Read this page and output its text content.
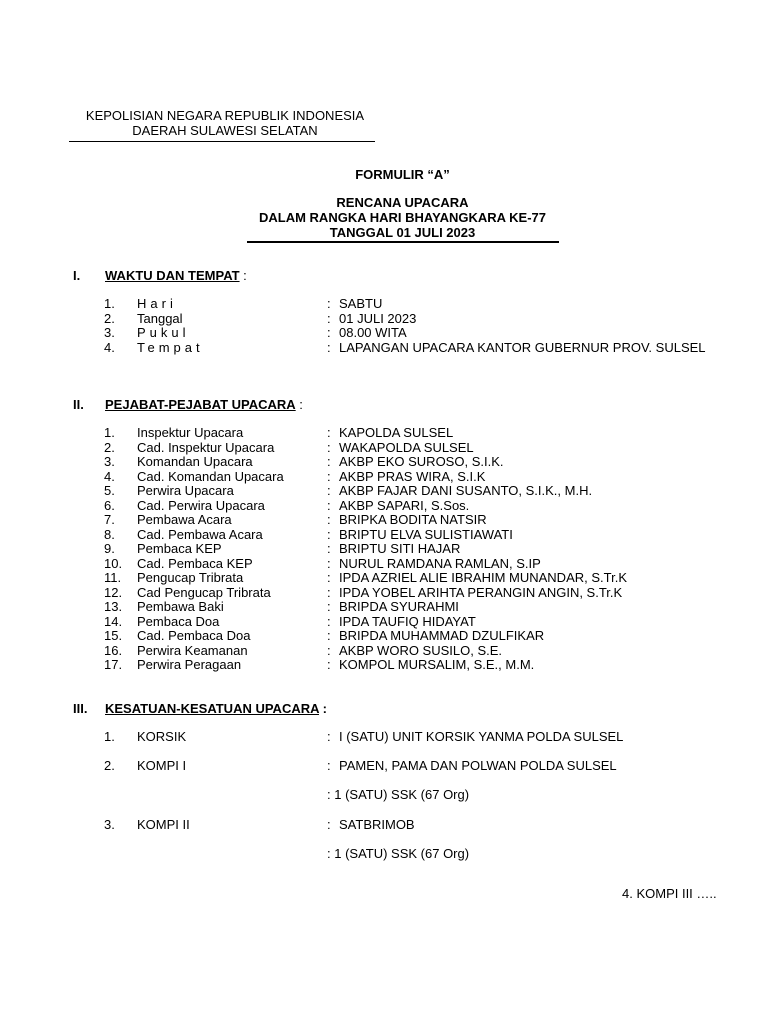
KEPOLISIAN NEGARA REPUBLIK INDONESIA
DAERAH SULAWESI SELATAN
FORMULIR “A”
RENCANA UPACARA
DALAM RANGKA HARI BHAYANGKARA KE-77
TANGGAL 01 JULI 2023
I. WAKTU DAN TEMPAT :
1.	Hari	: SABTU
2.	Tanggal	: 01 JULI 2023
3.	Pukul	: 08.00 WITA
4.	Tempat	: LAPANGAN UPACARA KANTOR GUBERNUR PROV. SULSEL
II. PEJABAT-PEJABAT UPACARA :
1.	Inspektur Upacara	: KAPOLDA SULSEL
2.	Cad. Inspektur Upacara	: WAKAPOLDA SULSEL
3.	Komandan Upacara	: AKBP EKO SUROSO, S.I.K.
4.	Cad. Komandan Upacara	: AKBP PRAS WIRA, S.I.K
5.	Perwira Upacara	: AKBP FAJAR DANI SUSANTO, S.I.K., M.H.
6.	Cad. Perwira Upacara	: AKBP SAPARI, S.Sos.
7.	Pembawa Acara	: BRIPKA BODITA NATSIR
8.	Cad. Pembawa Acara	: BRIPTU ELVA SULISTIAWATI
9.	Pembaca KEP	: BRIPTU SITI HAJAR
10.	Cad. Pembaca KEP	: NURUL RAMDANA RAMLAN, S.IP
11.	Pengucap Tribrata	: IPDA AZRIEL ALIE IBRAHIM MUNANDAR, S.Tr.K
12.	Cad Pengucap Tribrata	: IPDA YOBEL ARIHTA PERANGIN ANGIN, S.Tr.K
13.	Pembawa Baki	: BRIPDA SYURAHMI
14.	Pembaca Doa	: IPDA TAUFIQ HIDAYAT
15.	Cad. Pembaca Doa	: BRIPDA MUHAMMAD DZULFIKAR
16.	Perwira Keamanan	: AKBP WORO SUSILO, S.E.
17.	Perwira Peragaan	: KOMPOL MURSALIM, S.E., M.M.
III. KESATUAN-KESATUAN UPACARA :
1.	KORSIK	: I (SATU) UNIT KORSIK YANMA POLDA SULSEL
2.	KOMPI I	: PAMEN, PAMA DAN POLWAN POLDA SULSEL
: 1 (SATU) SSK (67 Org)
3.	KOMPI II	: SATBRIMOB
: 1 (SATU) SSK (67 Org)
4. KOMPI III …..
